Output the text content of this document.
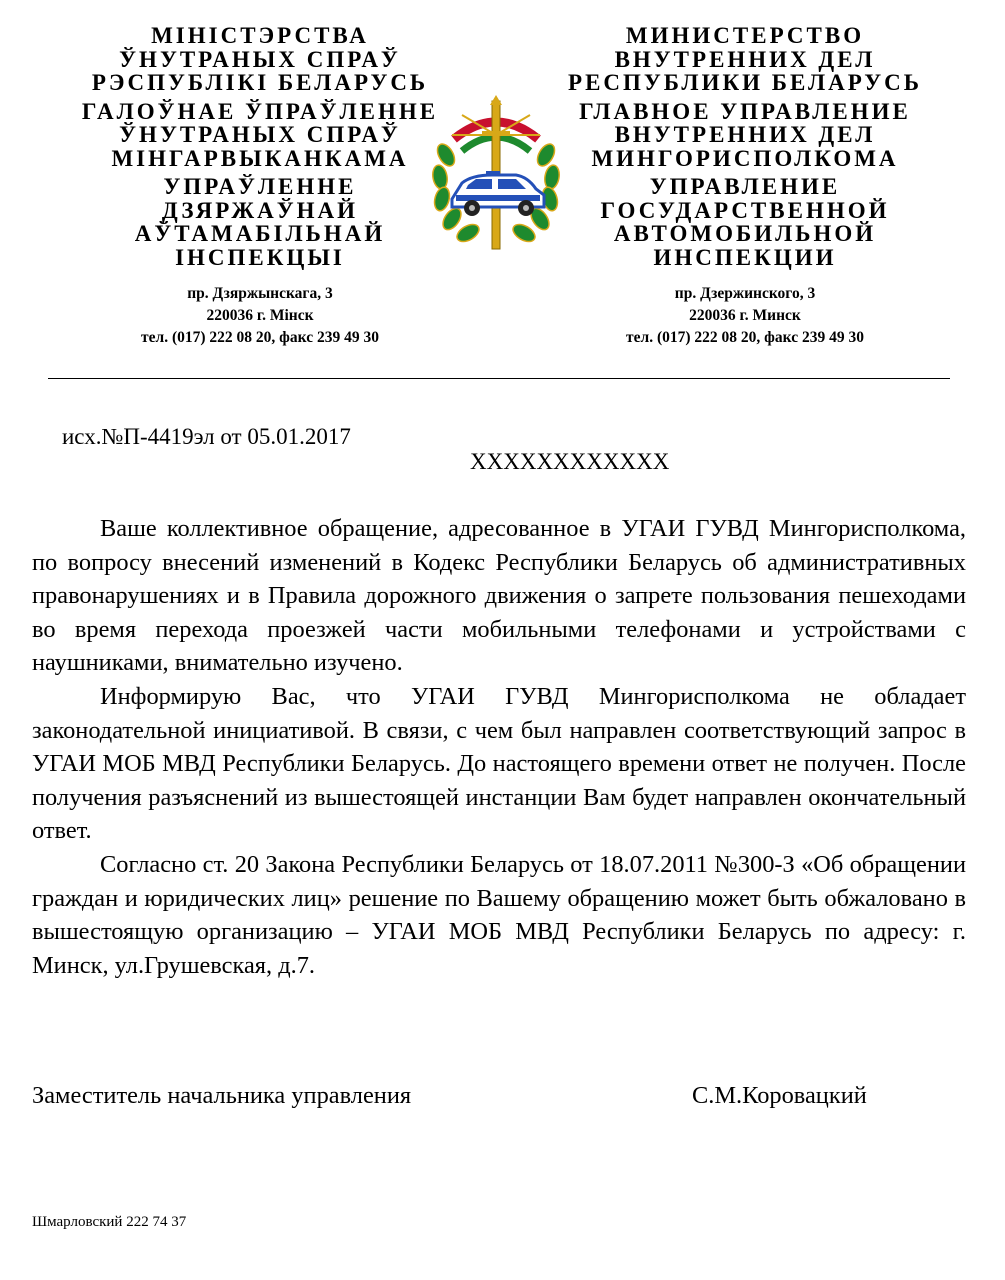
МІНІСТЭРСТВА
ЎНУТРАНЫХ СПРАЎ
РЭСПУБЛІКІ БЕЛАРУСЬ
ГАЛОЎНАЕ ЎПРАЎЛЕННЕ
ЎНУТРАНЫХ СПРАЎ
МІНГАРВЫКАНКАМА
УПРАЎЛЕННЕ
ДЗЯРЖАЎНАЙ
АЎТАМАБІЛЬНАЙ
ІНСПЕКЦЫІ
пр. Дзяржынскага, 3
220036 г. Мінск
тел. (017) 222 08 20, факс 239 49 30
МИНИСТЕРСТВО
ВНУТРЕННИХ ДЕЛ
РЕСПУБЛИКИ БЕЛАРУСЬ
ГЛАВНОЕ УПРАВЛЕНИЕ
ВНУТРЕННИХ ДЕЛ
МИНГОРИСПОЛКОМА
УПРАВЛЕНИЕ
ГОСУДАРСТВЕННОЙ
АВТОМОБИЛЬНОЙ
ИНСПЕКЦИИ
пр. Дзержинского, 3
220036 г. Минск
тел. (017) 222 08 20, факс 239 49 30
исх.№П-4419эл от 05.01.2017
XXXXXXXXXXXX

Ваше коллективное обращение, адресованное в УГАИ ГУВД Мингорисполкома, по вопросу внесений изменений в Кодекс Республики Беларусь об административных правонарушениях и в Правила дорожного движения о запрете пользования пешеходами во время перехода проезжей части мобильными телефонами и устройствами с наушниками, внимательно изучено.

Информирую Вас, что УГАИ ГУВД Мингорисполкома не обладает законодательной инициативой. В связи, с чем был направлен соответствующий запрос в УГАИ МОБ МВД Республики Беларусь. До настоящего времени ответ не получен. После получения разъяснений из вышестоящей инстанции Вам будет направлен окончательный ответ.

Согласно ст. 20 Закона Республики Беларусь от 18.07.2011 №300-З «Об обращении граждан и юридических лиц» решение по Вашему обращению может быть обжаловано в вышестоящую организацию – УГАИ МОБ МВД Республики Беларусь по адресу: г. Минск, ул.Грушевская, д.7.

Заместитель начальника управления	С.М.Коровацкий
Шмарловский 222 74 37
